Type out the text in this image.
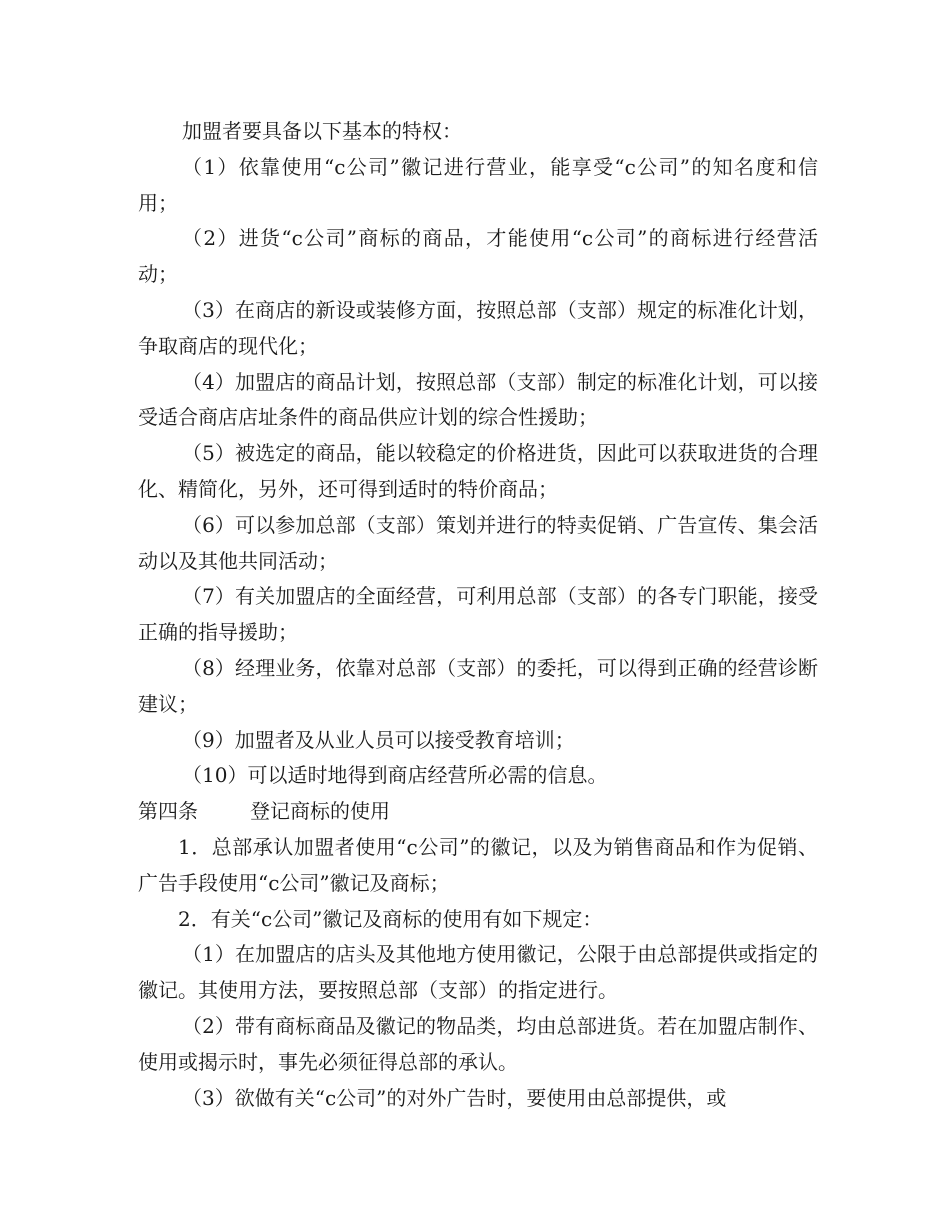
加盟者要具备以下基本的特权：

（1）依靠使用“c公司”徽记进行营业，能享受“c公司”的知名度和信用；

（2）进货“c公司”商标的商品，才能使用“c公司”的商标进行经营活动；

（3）在商店的新设或装修方面，按照总部（支部）规定的标准化计划，争取商店的现代化；

（4）加盟店的商品计划，按照总部（支部）制定的标准化计划，可以接受适合商店店址条件的商品供应计划的综合性援助；

（5）被选定的商品，能以较稳定的价格进货，因此可以获取进货的合理化、精简化，另外，还可得到适时的特价商品；

（6）可以参加总部（支部）策划并进行的特卖促销、广告宣传、集会活动以及其他共同活动；

（7）有关加盟店的全面经营，可利用总部（支部）的各专门职能，接受正确的指导援助；

（8）经理业务，依靠对总部（支部）的委托，可以得到正确的经营诊断建议；

（9）加盟者及从业人员可以接受教育培训；

（10）可以适时地得到商店经营所必需的信息。

第四条	登记商标的使用

1．总部承认加盟者使用“c公司”的徽记，以及为销售商品和作为促销、广告手段使用“c公司”徽记及商标；

2．有关“c公司”徽记及商标的使用有如下规定：

（1）在加盟店的店头及其他地方使用徽记，公限于由总部提供或指定的徽记。其使用方法，要按照总部（支部）的指定进行。

（2）带有商标商品及徽记的物品类，均由总部进货。若在加盟店制作、使用或揭示时，事先必须征得总部的承认。

（3）欲做有关“c公司”的对外广告时，要使用由总部提供，或
